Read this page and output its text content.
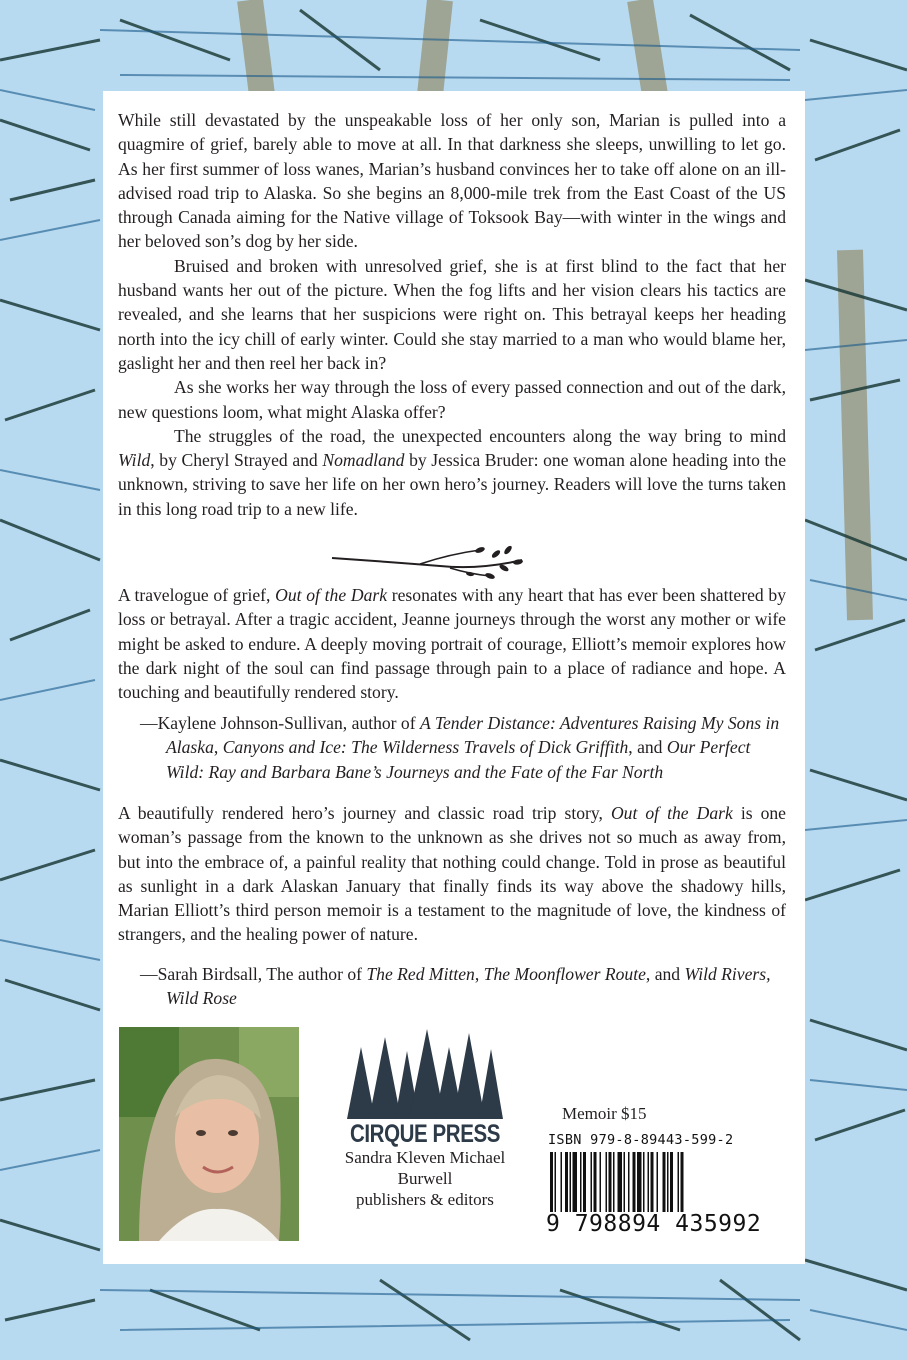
While still devastated by the unspeakable loss of her only son, Marian is pulled into a quagmire of grief, barely able to move at all. In that darkness she sleeps, unwilling to let go. As her first summer of loss wanes, Marian’s husband convinces her to take off alone on an ill-advised road trip to Alaska. So she begins an 8,000-mile trek from the East Coast of the US through Canada aiming for the Native village of Toksook Bay—with winter in the wings and her beloved son’s dog by her side.

Bruised and broken with unresolved grief, she is at first blind to the fact that her husband wants her out of the picture. When the fog lifts and her vision clears his tactics are revealed, and she learns that her suspicions were right on. This betrayal keeps her heading north into the icy chill of early winter. Could she stay married to a man who would blame her, gaslight her and then reel her back in?

As she works her way through the loss of every passed connection and out of the dark, new questions loom, what might Alaska offer?

The struggles of the road, the unexpected encounters along the way bring to mind Wild, by Cheryl Strayed and Nomadland by Jessica Bruder: one woman alone heading into the unknown, striving to save her life on her own hero’s journey. Readers will love the turns taken in this long road trip to a new life.

A travelogue of grief, Out of the Dark resonates with any heart that has ever been shattered by loss or betrayal. After a tragic accident, Jeanne journeys through the worst any mother or wife might be asked to endure. A deeply moving portrait of courage, Elliott’s memoir explores how the dark night of the soul can find passage through pain to a place of radiance and hope. A touching and beautifully rendered story.

—Kaylene Johnson-Sullivan, author of A Tender Distance: Adventures Raising My Sons in Alaska, Canyons and Ice: The Wilderness Travels of Dick Griffith, and Our Perfect Wild: Ray and Barbara Bane’s Journeys and the Fate of the Far North

A beautifully rendered hero’s journey and classic road trip story, Out of the Dark is one woman’s passage from the known to the unknown as she drives not so much as away from, but into the embrace of, a painful reality that nothing could change. Told in prose as beautiful as sunlight in a dark Alaskan January that finally finds its way above the shadowy hills, Marian Elliott’s third person memoir is a testament to the magnitude of love, the kindness of strangers, and the healing power of nature.

—Sarah Birdsall, The author of The Red Mitten, The Moonflower Route, and Wild Rivers, Wild Rose

CIRQUE PRESS
Sandra Kleven Michael
Burwell
publishers & editors
Memoir $15
ISBN 979-8-89443-599-2
9 798894 435992
